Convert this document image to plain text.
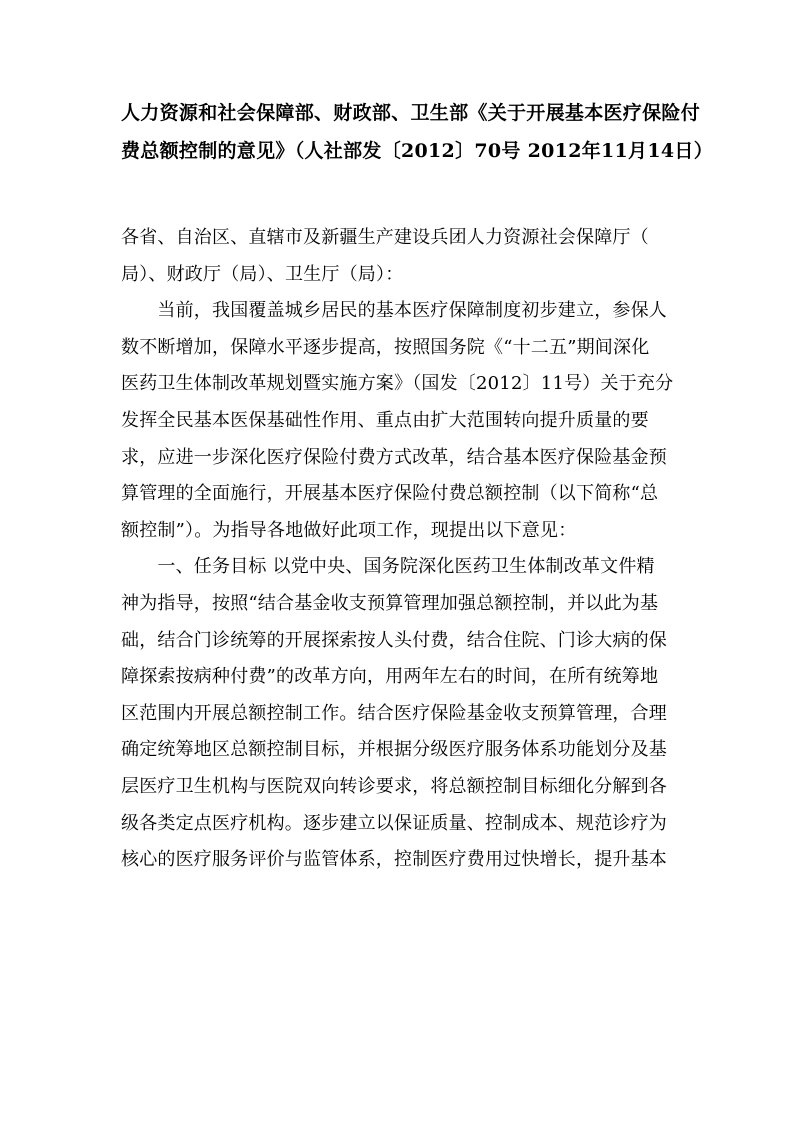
人力资源和社会保障部、财政部、卫生部《关于开展基本医疗保险付
费总额控制的意见》（人社部发〔2012〕70号 2012年11月14日）
各省、自治区、直辖市及新疆生产建设兵团人力资源社会保障厅（
局）、财政厅（局）、卫生厅（局）：
　　当前，我国覆盖城乡居民的基本医疗保障制度初步建立，参保人
数不断增加，保障水平逐步提高，按照国务院《“十二五”期间深化
医药卫生体制改革规划暨实施方案》（国发〔2012〕11号）关于充分
发挥全民基本医保基础性作用、重点由扩大范围转向提升质量的要
求，应进一步深化医疗保险付费方式改革，结合基本医疗保险基金预
算管理的全面施行，开展基本医疗保险付费总额控制（以下简称“总
额控制”）。为指导各地做好此项工作，现提出以下意见：
　　一、任务目标 以党中央、国务院深化医药卫生体制改革文件精
神为指导，按照“结合基金收支预算管理加强总额控制，并以此为基
础，结合门诊统筹的开展探索按人头付费，结合住院、门诊大病的保
障探索按病种付费”的改革方向，用两年左右的时间，在所有统筹地
区范围内开展总额控制工作。结合医疗保险基金收支预算管理，合理
确定统筹地区总额控制目标，并根据分级医疗服务体系功能划分及基
层医疗卫生机构与医院双向转诊要求，将总额控制目标细化分解到各
级各类定点医疗机构。逐步建立以保证质量、控制成本、规范诊疗为
核心的医疗服务评价与监管体系，控制医疗费用过快增长，提升基本
